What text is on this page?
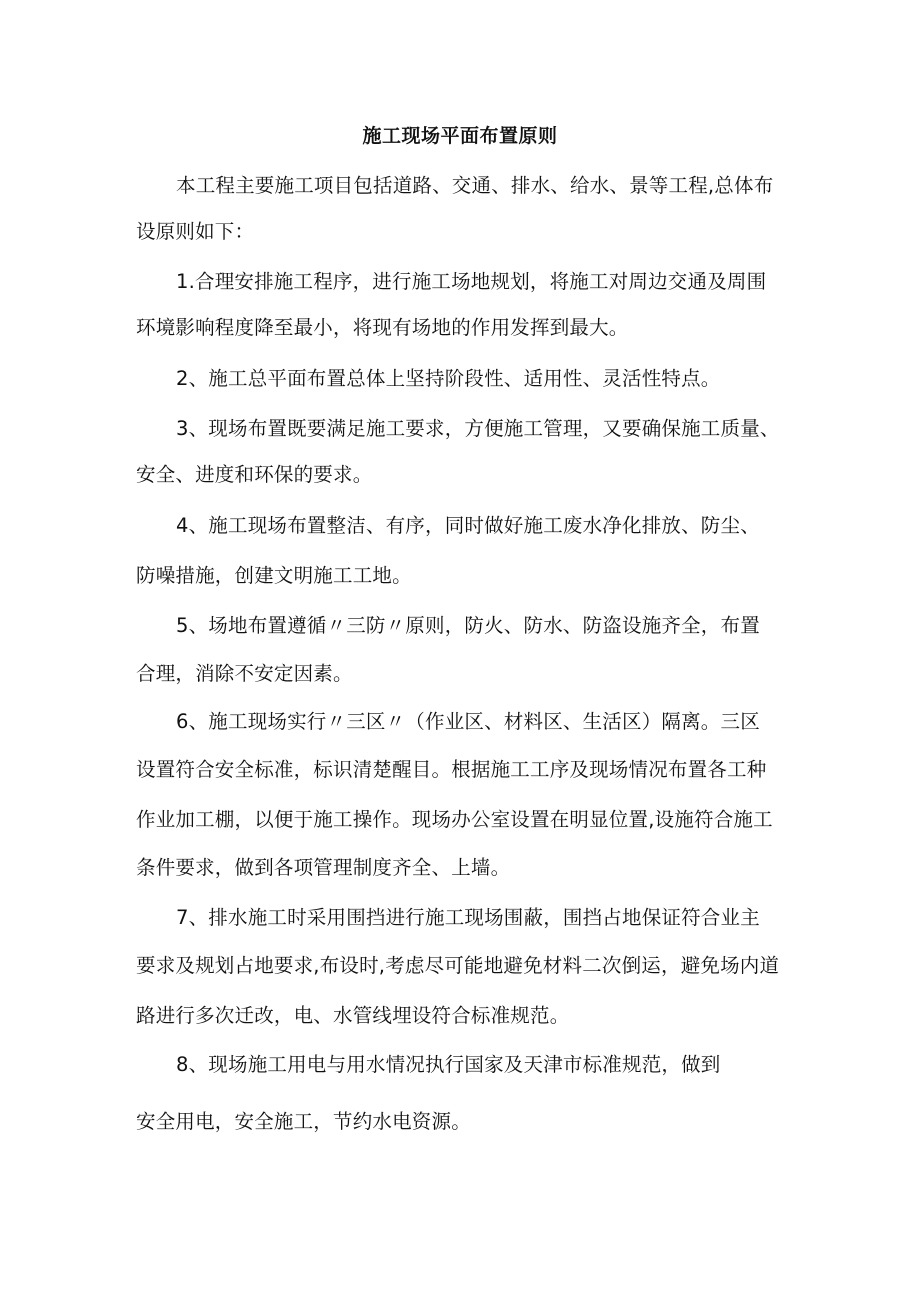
施工现场平面布置原则
本工程主要施工项目包括道路、交通、排水、给水、景等工程,总体布
设原则如下：
1.合理安排施工程序，进行施工场地规划，将施工对周边交通及周围
环境影响程度降至最小，将现有场地的作用发挥到最大。
2、施工总平面布置总体上坚持阶段性、适用性、灵活性特点。
3、现场布置既要满足施工要求，方便施工管理，又要确保施工质量、
安全、进度和环保的要求。
4、施工现场布置整洁、有序，同时做好施工废水净化排放、防尘、
防噪措施，创建文明施工工地。
5、场地布置遵循〃三防〃原则，防火、防水、防盗设施齐全，布置
合理，消除不安定因素。
6、施工现场实行〃三区〃（作业区、材料区、生活区）隔离。三区
设置符合安全标准，标识清楚醒目。根据施工工序及现场情况布置各工种
作业加工棚，以便于施工操作。现场办公室设置在明显位置,设施符合施工
条件要求，做到各项管理制度齐全、上墙。
7、排水施工时采用围挡进行施工现场围蔽，围挡占地保证符合业主
要求及规划占地要求,布设时,考虑尽可能地避免材料二次倒运，避免场内道
路进行多次迁改，电、水管线埋设符合标准规范。
8、现场施工用电与用水情况执行国家及天津市标准规范，做到
安全用电，安全施工，节约水电资源。
